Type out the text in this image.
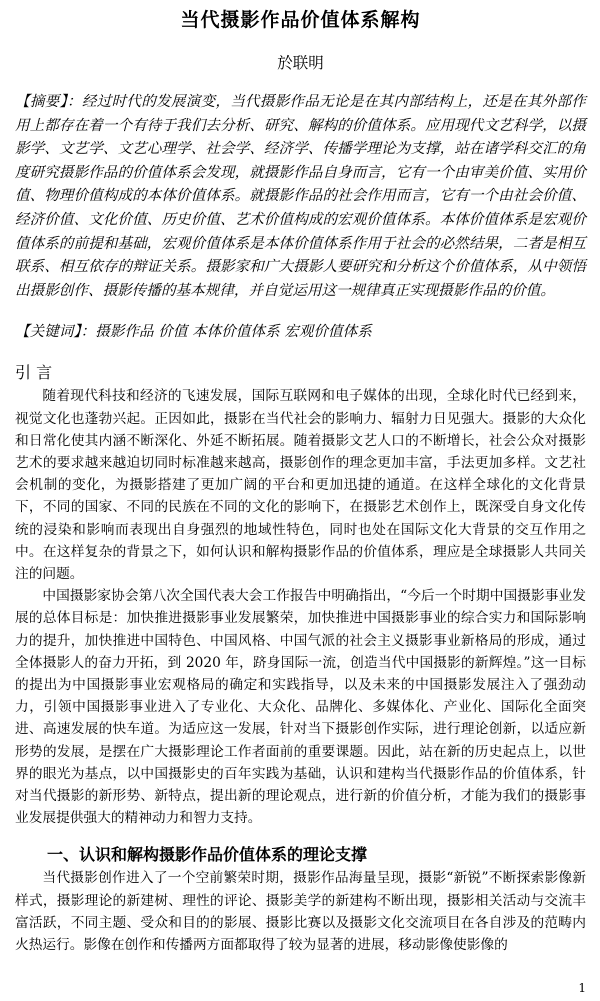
当代摄影作品价值体系解构
於联明

【摘要】：经过时代的发展演变，当代摄影作品无论是在其内部结构上，还是在其外部作用上都存在着一个有待于我们去分析、研究、解构的价值体系。应用现代文艺科学，以摄影学、文艺学、文艺心理学、社会学、经济学、传播学理论为支撑，站在诸学科交汇的角度研究摄影作品的价值体系会发现，就摄影作品自身而言，它有一个由审美价值、实用价值、物理价值构成的本体价值体系。就摄影作品的社会作用而言，它有一个由社会价值、经济价值、文化价值、历史价值、艺术价值构成的宏观价值体系。本体价值体系是宏观价值体系的前提和基础，宏观价值体系是本体价值体系作用于社会的必然结果，二者是相互联系、相互依存的辩证关系。摄影家和广大摄影人要研究和分析这个价值体系，从中领悟出摄影创作、摄影传播的基本规律，并自觉运用这一规律真正实现摄影作品的价值。

【关键词】：摄影作品 价值 本体价值体系 宏观价值体系

引 言

随着现代科技和经济的飞速发展，国际互联网和电子媒体的出现，全球化时代已经到来，视觉文化也蓬勃兴起。正因如此，摄影在当代社会的影响力、辐射力日见强大。摄影的大众化和日常化使其内涵不断深化、外延不断拓展。随着摄影文艺人口的不断增长，社会公众对摄影艺术的要求越来越迫切同时标准越来越高，摄影创作的理念更加丰富，手法更加多样。文艺社会机制的变化，为摄影搭建了更加广阔的平台和更加迅捷的通道。在这样全球化的文化背景下，不同的国家、不同的民族在不同的文化的影响下，在摄影艺术创作上，既深受自身文化传统的浸染和影响而表现出自身强烈的地域性特色，同时也处在国际文化大背景的交互作用之中。在这样复杂的背景之下，如何认识和解构摄影作品的价值体系，理应是全球摄影人共同关注的问题。

中国摄影家协会第八次全国代表大会工作报告中明确指出，“今后一个时期中国摄影事业发展的总体目标是：加快推进摄影事业发展繁荣，加快推进中国摄影事业的综合实力和国际影响力的提升，加快推进中国特色、中国风格、中国气派的社会主义摄影事业新格局的形成，通过全体摄影人的奋力开拓，到 2020 年，跻身国际一流，创造当代中国摄影的新辉煌。”这一目标的提出为中国摄影事业宏观格局的确定和实践指导，以及未来的中国摄影发展注入了强劲动力，引领中国摄影事业进入了专业化、大众化、品牌化、多媒体化、产业化、国际化全面突进、高速发展的快车道。为适应这一发展，针对当下摄影创作实际，进行理论创新，以适应新形势的发展，是摆在广大摄影理论工作者面前的重要课题。因此，站在新的历史起点上，以世界的眼光为基点，以中国摄影史的百年实践为基础，认识和建构当代摄影作品的价值体系，针对当代摄影的新形势、新特点，提出新的理论观点，进行新的价值分析，才能为我们的摄影事业发展提供强大的精神动力和智力支持。

一、认识和解构摄影作品价值体系的理论支撑

当代摄影创作进入了一个空前繁荣时期，摄影作品海量呈现，摄影“新锐”不断探索影像新样式，摄影理论的新建树、理性的评论、摄影美学的新建构不断出现，摄影相关活动与交流丰富活跃，不同主题、受众和目的的影展、摄影比赛以及摄影文化交流项目在各自涉及的范畴内火热运行。影像在创作和传播两方面都取得了较为显著的进展，移动影像使影像的

1
